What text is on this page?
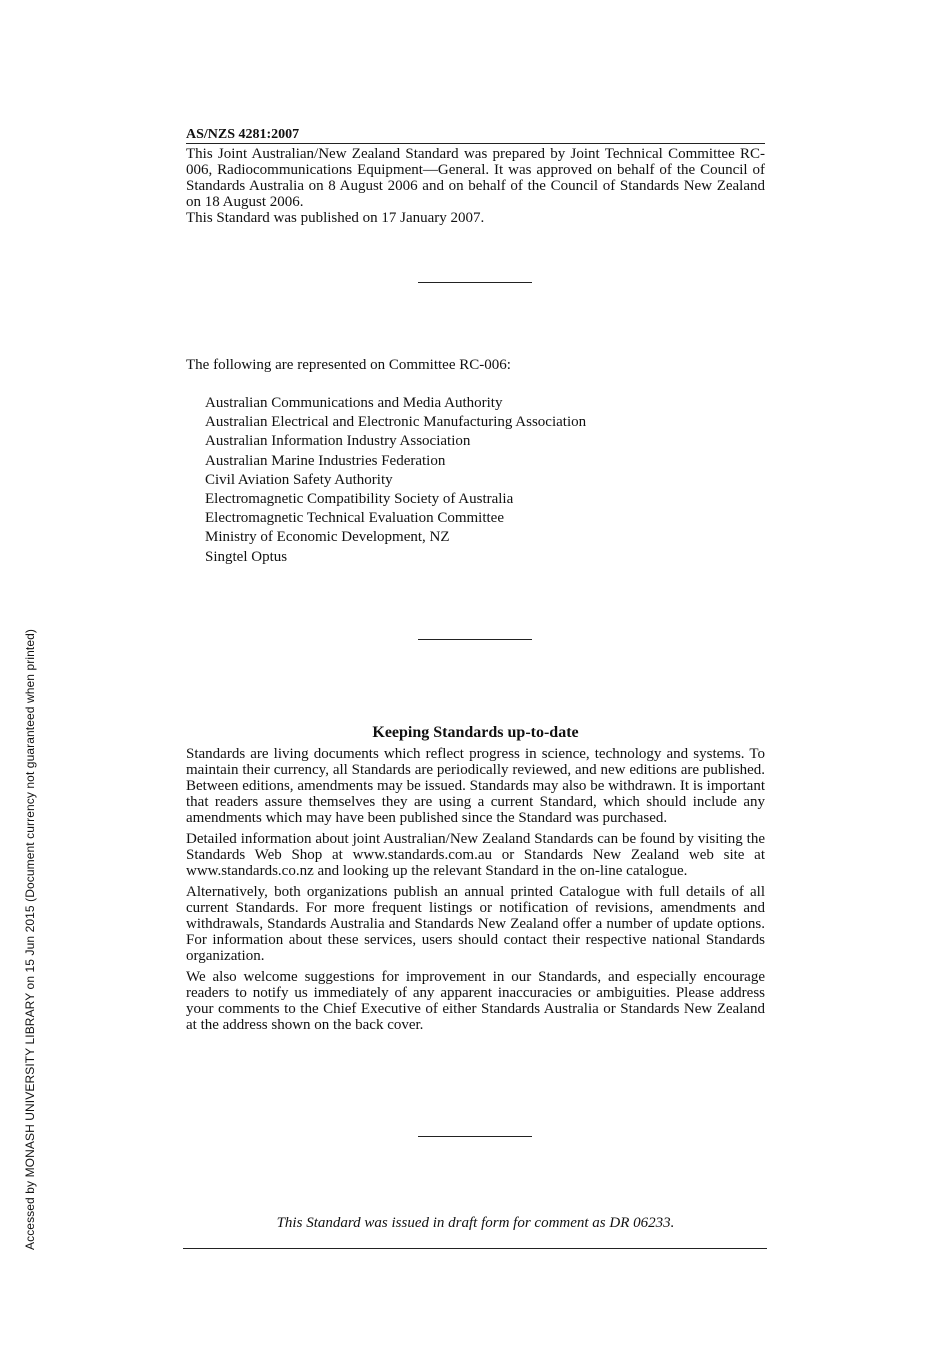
Accessed by MONASH UNIVERSITY LIBRARY on 15 Jun 2015 (Document currency not guaranteed when printed)
AS/NZS 4281:2007

This Joint Australian/New Zealand Standard was prepared by Joint Technical Committee RC-006, Radiocommunications Equipment—General. It was approved on behalf of the Council of Standards Australia on 8 August 2006 and on behalf of the Council of Standards New Zealand on 18 August 2006.

This Standard was published on 17 January 2007.

The following are represented on Committee RC-006:
Australian Communications and Media Authority
Australian Electrical and Electronic Manufacturing Association
Australian Information Industry Association
Australian Marine Industries Federation
Civil Aviation Safety Authority
Electromagnetic Compatibility Society of Australia
Electromagnetic Technical Evaluation Committee
Ministry of Economic Development, NZ
Singtel Optus
Keeping Standards up-to-date

Standards are living documents which reflect progress in science, technology and systems. To maintain their currency, all Standards are periodically reviewed, and new editions are published. Between editions, amendments may be issued. Standards may also be withdrawn. It is important that readers assure themselves they are using a current Standard, which should include any amendments which may have been published since the Standard was purchased.

Detailed information about joint Australian/New Zealand Standards can be found by visiting the Standards Web Shop at www.standards.com.au or Standards New Zealand web site at www.standards.co.nz and looking up the relevant Standard in the on-line catalogue.

Alternatively, both organizations publish an annual printed Catalogue with full details of all current Standards. For more frequent listings or notification of revisions, amendments and withdrawals, Standards Australia and Standards New Zealand offer a number of update options. For information about these services, users should contact their respective national Standards organization.

We also welcome suggestions for improvement in our Standards, and especially encourage readers to notify us immediately of any apparent inaccuracies or ambiguities. Please address your comments to the Chief Executive of either Standards Australia or Standards New Zealand at the address shown on the back cover.

This Standard was issued in draft form for comment as DR 06233.
